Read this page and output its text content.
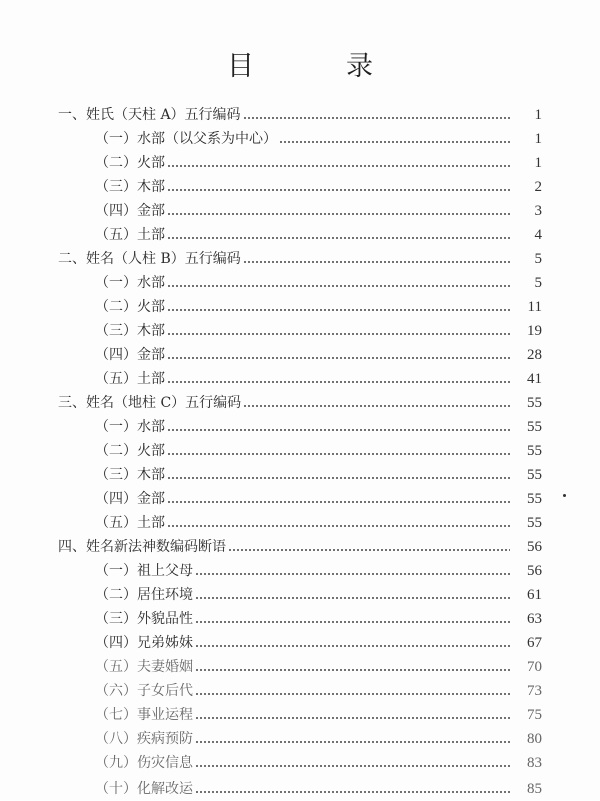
目	录
一、姓氏（天柱 A）五行编码	1
（一）水部（以父系为中心）	1
（二）火部	1
（三）木部	2
（四）金部	3
（五）土部	4
二、姓名（人柱 B）五行编码	5
（一）水部	5
（二）火部	11
（三）木部	19
（四）金部	28
（五）土部	41
三、姓名（地柱 C）五行编码	55
（一）水部	55
（二）火部	55
（三）木部	55
（四）金部	55
（五）土部	55
四、姓名新法神数编码断语	56
（一）祖上父母	56
（二）居住环境	61
（三）外貌品性	63
（四）兄弟姊妹	67
（五）夫妻婚姻	70
（六）子女后代	73
（七）事业运程	75
（八）疾病预防	80
（九）伤灾信息	83
（十）化解改运	85
